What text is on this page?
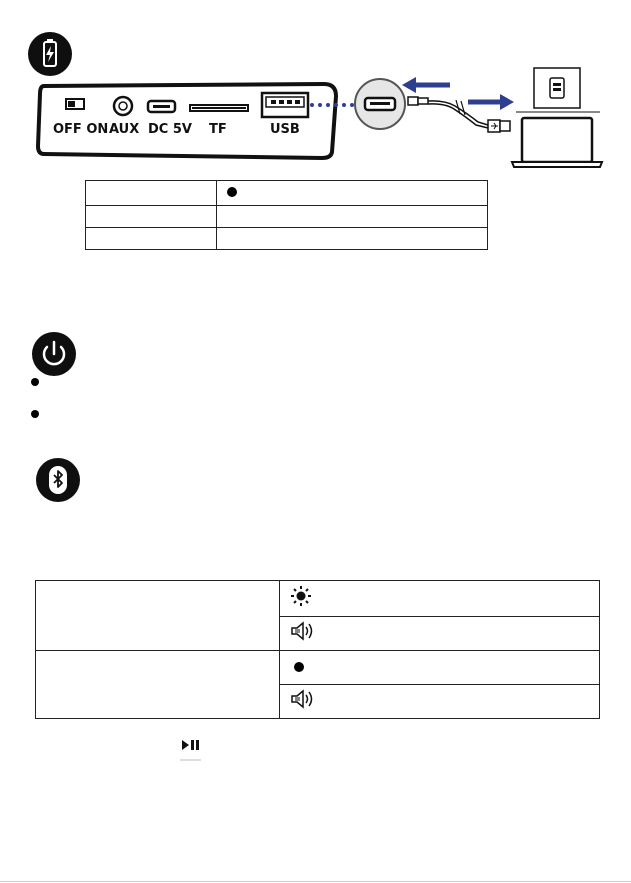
OFF ON AUX DC 5V TF	USB
